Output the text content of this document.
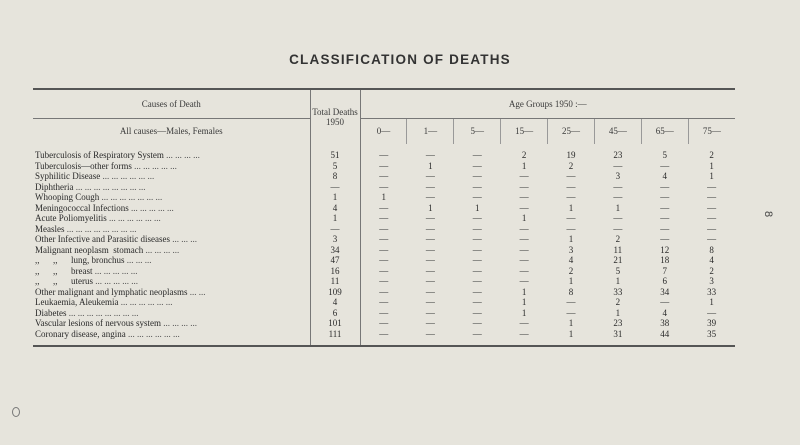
CLASSIFICATION OF DEATHS
Causes of Death	Total Deaths 1950	Age Groups 1950 :—							
All causes—Males, Females		0—	1—	5—	15—	25—	45—	65—	75—
Tuberculosis of Respiratory System ... ... ... ...	51	—	—	—	2	19	23	5	2
Tuberculosis—other forms ... ... ... ... ...	5	—	1	—	1	2	—	—	1
Syphilitic Disease ... ... ... ... ... ...	8	—	—	—	—	—	3	4	1
Diphtheria ... ... ... ... ... ... ... ...	—	—	—	—	—	—	—	—	—
Whooping Cough ... ... ... ... ... ... ...	1	1	—	—	—	—	—	—	—
Meningococcal Infections ... ... ... ... ...	4	—	1	1	—	1	1	—	—
Acute Poliomyelitis ... ... ... ... ... ...	1	—	—	—	1	—	—	—	—
Measles ... ... ... ... ... ... ... ...	—	—	—	—	—	—	—	—	—
Other Infective and Parasitic diseases ... ... ...	3	—	—	—	—	1	2	—	—
Malignant neoplasm  stomach ... ... ... ...	34	—	—	—	—	3	11	12	8
,,      ,,      lung, bronchus ... ... ...	47	—	—	—	—	4	21	18	4
,,      ,,      breast ... ... ... ... ...	16	—	—	—	—	2	5	7	2
,,      ,,      uterus ... ... ... ... ...	11	—	—	—	—	1	1	6	3
Other malignant and lymphatic neoplasms ... ...	109	—	—	—	1	8	33	34	33
Leukaemia, Aleukemia ... ... ... ... ... ...	4	—	—	—	1	—	2	—	1
Diabetes ... ... ... ... ... ... ... ...	6	—	—	—	1	—	1	4	—
Vascular lesions of nervous system ... ... ... ...	101	—	—	—	—	1	23	38	39
Coronary disease, angina ... ... ... ... ... ...	111	—	—	—	—	1	31	44	35
8
